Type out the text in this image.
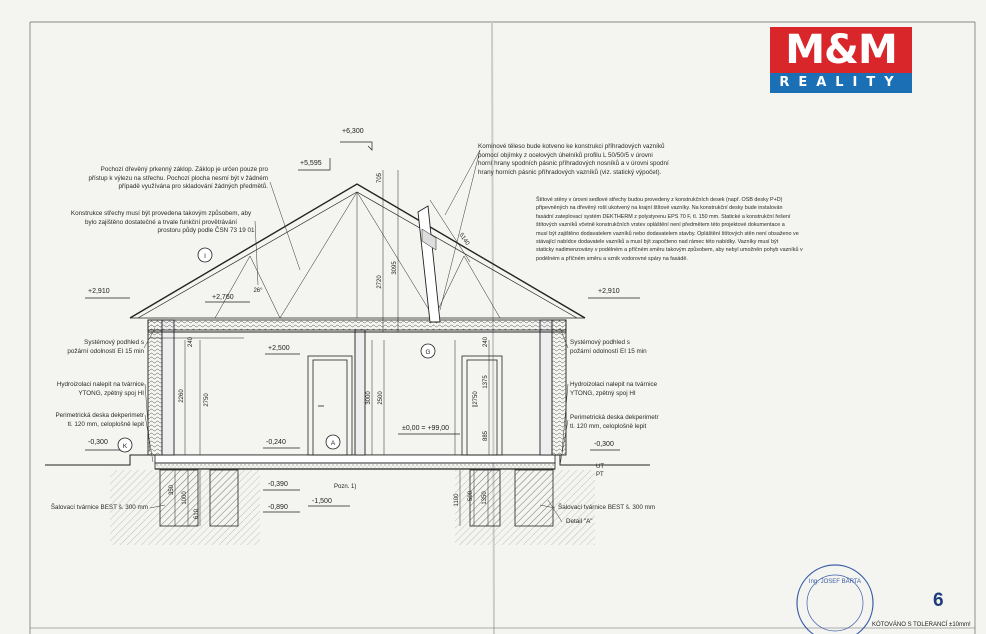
I
G
A
K
705
5140
2720
3095
240	240
2260	2750	3000 2500	2750
1375
885
350
1000
610
500
1100	1350
26°
Ing. JOSEF BÁRTA
M&M
REALITY
+6,300
+5,595
+2,910	+2,910
+2,760
+2,500
±0,00 = +99,00
-0,300	-0,300
-0,240
-0,390
-0,890
-1,500
Pozn. 1)
Detail "A"
UT
PT
Pochozí dřevěný prkenný záklop. Záklop je určen pouze pro
přístup k výlezu na střechu. Pochozí plocha nesmí být v žádném
případě využívána pro skladování žádných předmětů.
Konstrukce střechy musí být provedena takovým způsobem, aby
bylo zajištěno dostatečné a trvale funkční provětrávání
prostoru půdy podle ČSN 73 19 01
Komínové těleso bude kotveno ke konstrukci příhradových vazníků
pomocí objímky z ocelových úhelníků profilu L 50/50/5 v úrovni
horní hrany spodních pásnic příhradových nosníků a v úrovni spodní
hrany horních pásnic příhradových vazníků (viz. statický výpočet).
Štítové stěny v úrovni sedlové střechy budou provedeny z konstrukčních desek (např. OSB desky P+D)
připevněných na dřevěný rošt ukotvený na krajní štítové vazníky. Na konstrukční desky bude instalován
fasádní zateplovací systém DEKTHERM z polystyrenu EPS 70 F, tl. 150 mm. Statické a konstrukční řešení
štítových vazníků včetně konstrukčních vrstev opláštění není předmětem této projektové dokumentace a
musí být zajištěno dodavatelem vazníků nebo dodavatelem stavby. Opláštění štítových stěn není obsaženo ve
stávající nabídce dodavatele vazníků a musí být započteno nad rámec této nabídky. Vazníky musí být
staticky nadimenzovány v podélném a příčném směru takovým způsobem, aby nebyl umožněn pohyb vazníků v
podélném a příčném směru a vznik vodorovné spáry na fasádě.
Systémový podhled s
požární odolností EI 15 min
Systémový podhled s
požární odolností EI 15 min
Hydroizolaci nalepit na tvárnice
YTONG, zpětný spoj HI
Hydroizolaci nalepit na tvárnice
YTONG, zpětný spoj HI
Perimetrická deska dekperimetr
tl. 120 mm, celoplošně lepit
Perimetrická deska dekperimetr
tl. 120 mm, celoplošně lepit
Šalovací tvárnice BEST š. 300 mm	Šalovací tvárnice BEST š. 300 mm
6
KÓTOVÁNO S TOLERANCÍ ±10mm!
